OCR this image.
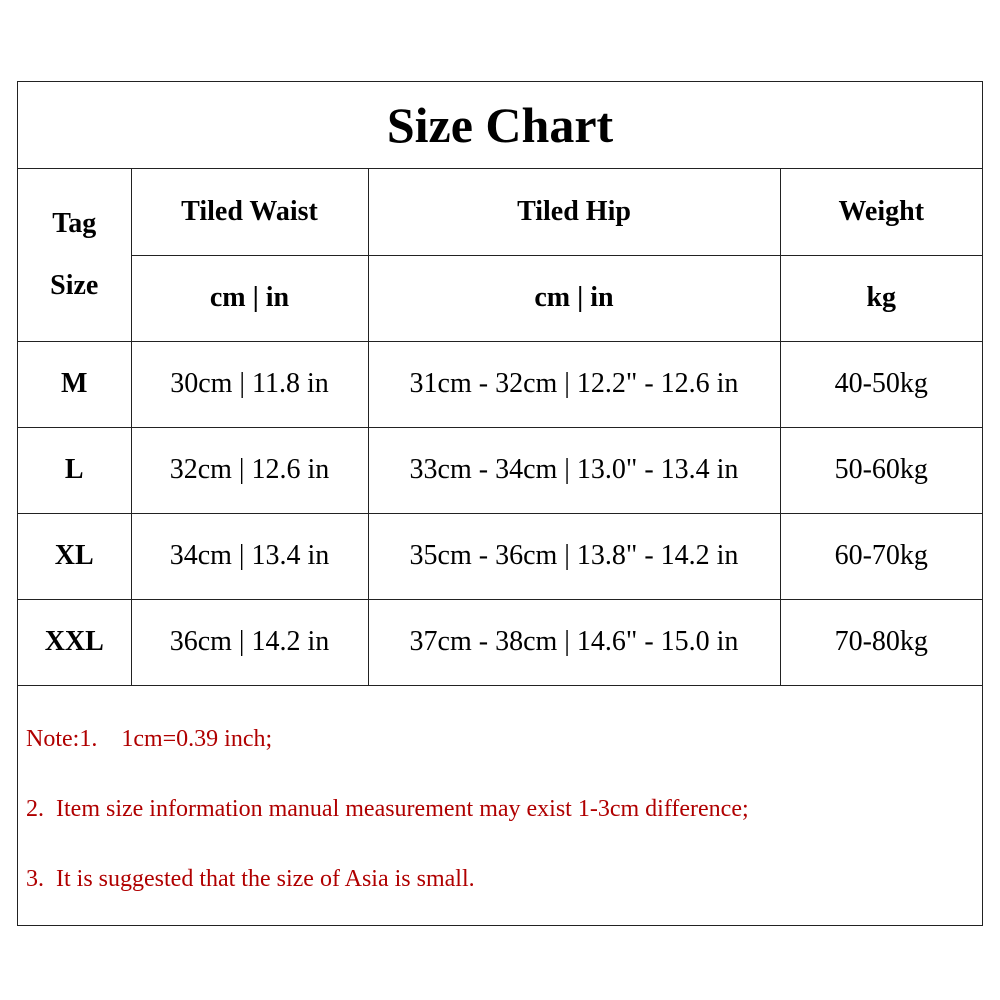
Size Chart
Tag
Size	Tiled Waist	Tiled Hip	Weight
	cm | in	cm | in	kg
M	30cm | 11.8 in	31cm - 32cm | 12.2" - 12.6 in	40-50kg
L	32cm | 12.6 in	33cm - 34cm | 13.0" - 13.4 in	50-60kg
XL	34cm | 13.4 in	35cm - 36cm | 13.8" - 14.2 in	60-70kg
XXL	36cm | 14.2 in	37cm - 38cm | 14.6" - 15.0 in	70-80kg
Note:1.    1cm=0.39 inch;
2.  Item size information manual measurement may exist 1-3cm difference;
3.  It is suggested that the size of Asia is small.
